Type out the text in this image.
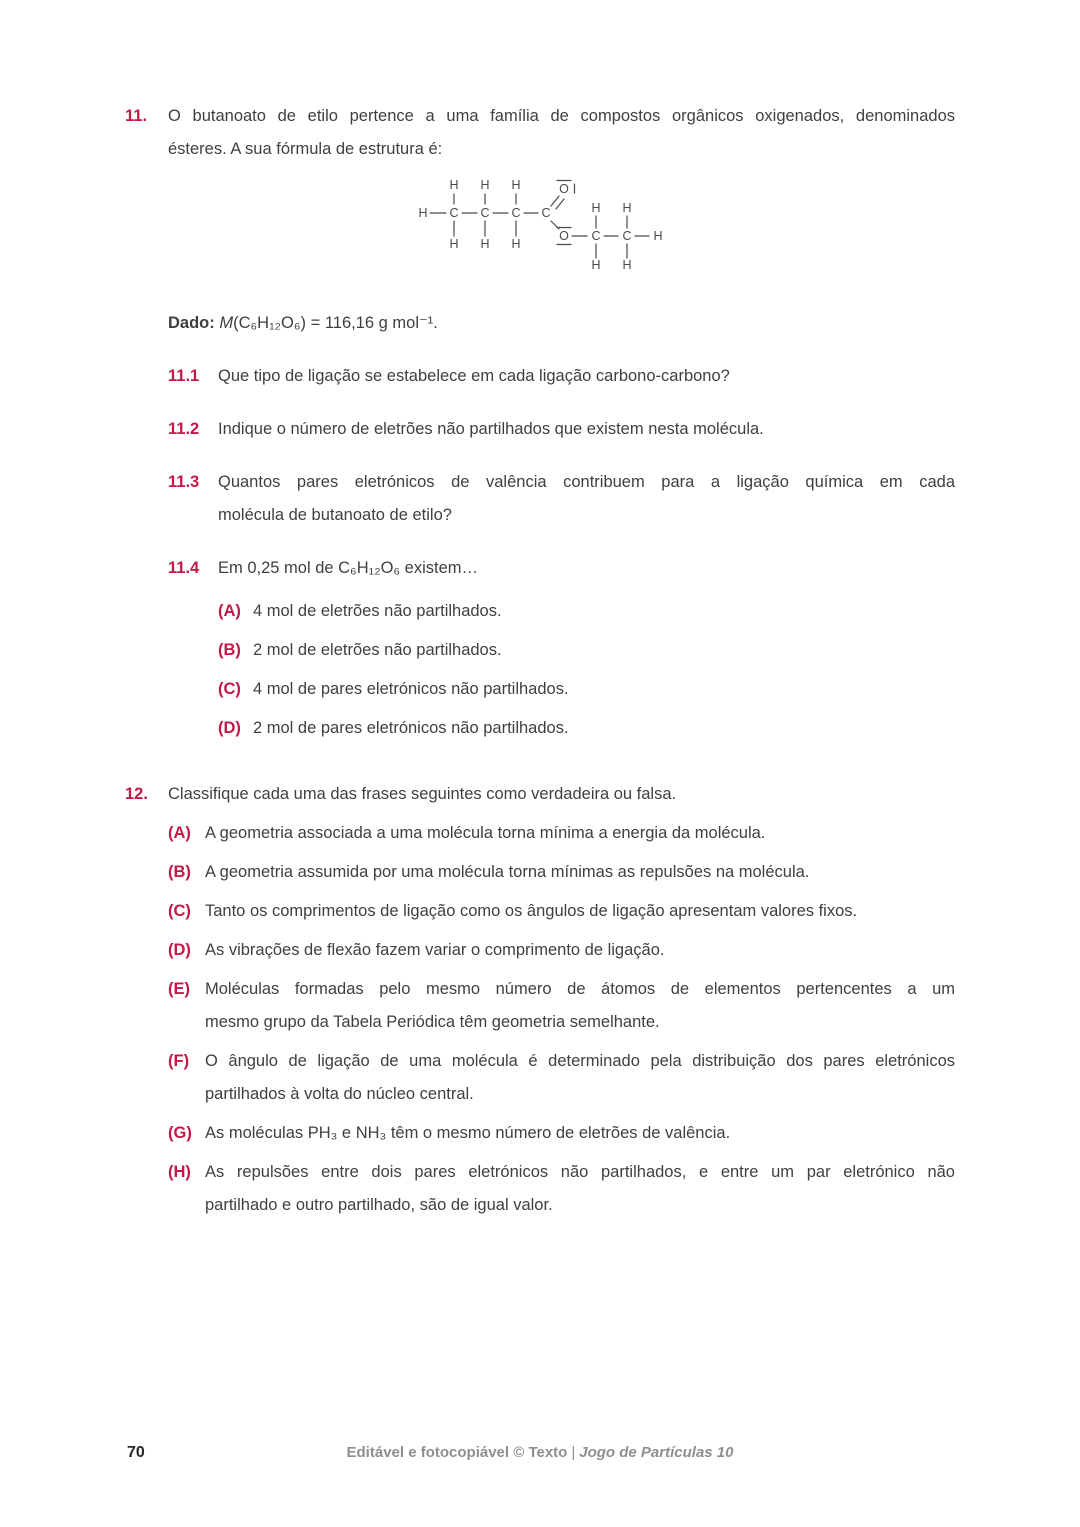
11.	O butanoato de etilo pertence a uma família de compostos orgânicos oxigenados, denominados
ésteres. A sua fórmula de estrutura é:
H H H
H C C C C
H H H
O
O
H H
C C H
H H

Dado: M(C₆H₁₂O₆) = 116,16 g mol⁻¹.

11.1	Que tipo de ligação se estabelece em cada ligação carbono-carbono?
11.2	Indique o número de eletrões não partilhados que existem nesta molécula.
11.3	Quantos pares eletrónicos de valência contribuem para a ligação química em cada
molécula de butanoato de etilo?
11.4	Em 0,25 mol de C₆H₁₂O₆ existem…
(A) 4 mol de eletrões não partilhados.
(B) 2 mol de eletrões não partilhados.
(C) 4 mol de pares eletrónicos não partilhados.
(D) 2 mol de pares eletrónicos não partilhados.
12.	Classifique cada uma das frases seguintes como verdadeira ou falsa.
(A) A geometria associada a uma molécula torna mínima a energia da molécula.
(B) A geometria assumida por uma molécula torna mínimas as repulsões na molécula.
(C) Tanto os comprimentos de ligação como os ângulos de ligação apresentam valores fixos.
(D) As vibrações de flexão fazem variar o comprimento de ligação.
(E) Moléculas formadas pelo mesmo número de átomos de elementos pertencentes a um
mesmo grupo da Tabela Periódica têm geometria semelhante.
(F) O ângulo de ligação de uma molécula é determinado pela distribuição dos pares eletrónicos
partilhados à volta do núcleo central.
(G) As moléculas PH₃ e NH₃ têm o mesmo número de eletrões de valência.
(H) As repulsões entre dois pares eletrónicos não partilhados, e entre um par eletrónico não
partilhado e outro partilhado, são de igual valor.
70	Editável e fotocopiável © Texto | Jogo de Partículas 10
